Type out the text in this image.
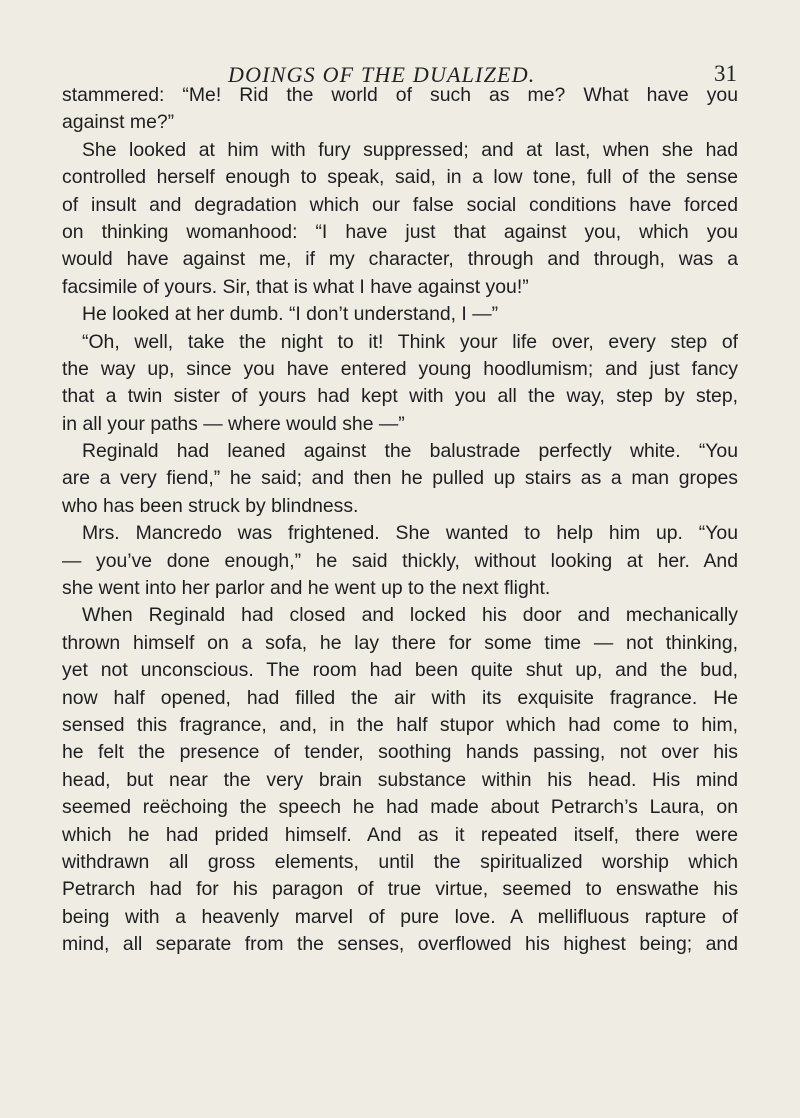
DOINGS OF THE DUALIZED.	31
stammered: “Me! Rid the world of such as me? What have you
against me?”
She looked at him with fury suppressed; and at last, when she had
controlled herself enough to speak, said, in a low tone, full of the sense
of insult and degradation which our false social conditions have forced
on thinking womanhood: “I have just that against you, which you
would have against me, if my character, through and through, was a
facsimile of yours. Sir, that is what I have against you!”
He looked at her dumb. “I don’t understand, I —”
“Oh, well, take the night to it! Think your life over, every step of
the way up, since you have entered young hoodlumism; and just fancy
that a twin sister of yours had kept with you all the way, step by step,
in all your paths — where would she —”
Reginald had leaned against the balustrade perfectly white. “You
are a very fiend,” he said; and then he pulled up stairs as a man gropes
who has been struck by blindness.
Mrs. Mancredo was frightened. She wanted to help him up. “You
— you’ve done enough,” he said thickly, without looking at her. And
she went into her parlor and he went up to the next flight.
When Reginald had closed and locked his door and mechanically
thrown himself on a sofa, he lay there for some time — not thinking,
yet not unconscious. The room had been quite shut up, and the bud,
now half opened, had filled the air with its exquisite fragrance. He
sensed this fragrance, and, in the half stupor which had come to him,
he felt the presence of tender, soothing hands passing, not over his
head, but near the very brain substance within his head. His mind
seemed reëchoing the speech he had made about Petrarch’s Laura, on
which he had prided himself. And as it repeated itself, there were
withdrawn all gross elements, until the spiritualized worship which
Petrarch had for his paragon of true virtue, seemed to enswathe his
being with a heavenly marvel of pure love. A mellifluous rapture of
mind, all separate from the senses, overflowed his highest being; and
